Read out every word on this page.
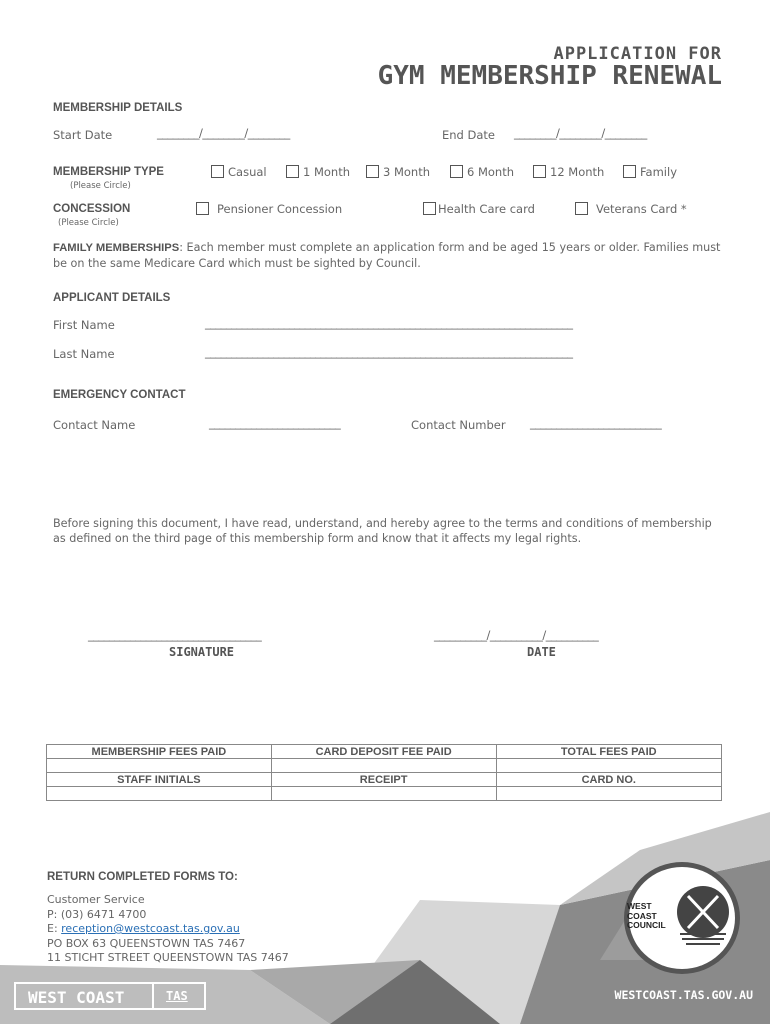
APPLICATION FOR
GYM MEMBERSHIP RENEWAL
MEMBERSHIP DETAILS
Start Date	________/________/________	End Date ________/________/________
MEMBERSHIP TYPE
(Please Circle)
Casual	1 Month	3 Month	6 Month	12 Month	Family
CONCESSION
(Please Circle)
Pensioner Concession	Health Care card	Veterans Card *
FAMILY MEMBERSHIPS: Each member must complete an application form and be aged 15 years or older. Families must be on the same Medicare Card which must be sighted by Council.
APPLICANT DETAILS
First Name	______________________________________________________________________
Last Name	______________________________________________________________________
EMERGENCY CONTACT
Contact Name	_________________________	Contact Number _________________________
Before signing this document, I have read, understand, and hereby agree to the terms and conditions of membership as defined on the third page of this membership form and know that it affects my legal rights.
_________________________________
SIGNATURE
__________/__________/__________
DATE
MEMBERSHIP FEES PAID	CARD DEPOSIT FEE PAID	TOTAL FEES PAID

STAFF INITIALS	RECEIPT	CARD NO.

RETURN COMPLETED FORMS TO:
Customer Service
P: (03) 6471 4700
E: reception@westcoast.tas.gov.au
PO BOX 63 QUEENSTOWN TAS 7467
11 STICHT STREET QUEENSTOWN TAS 7467
WEST
COAST
COUNCIL
WEST COAST	TAS	WESTCOAST.TAS.GOV.AU
